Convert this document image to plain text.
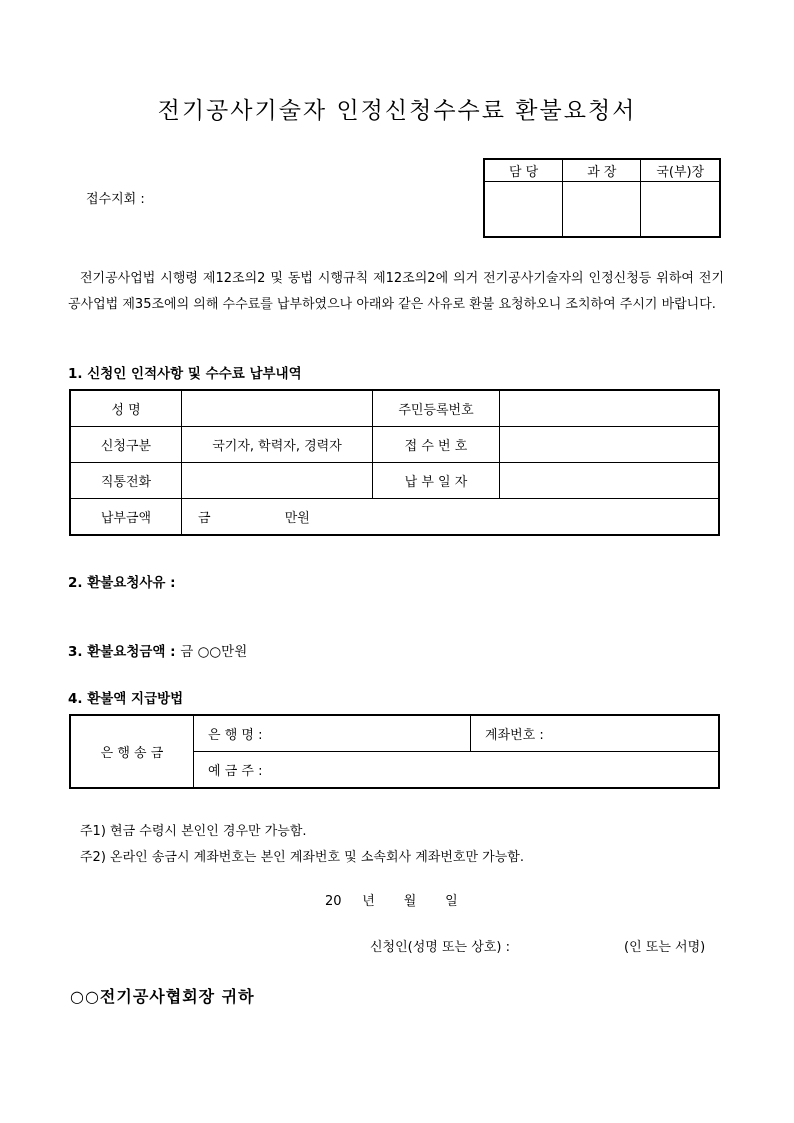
전기공사기술자 인정신청수수료 환불요청서
접수지회 :
담 당	과 장	국(부)장

전기공사업법 시행령 제12조의2 및 동법 시행규칙 제12조의2에 의거 전기공사기술자의 인정신청등 위하여 전기공사업법 제35조에의 의해 수수료를 납부하였으나 아래와 같은 사유로 환불 요청하오니 조치하여 주시기 바랍니다.
1. 신청인 인적사항 및 수수료 납부내역
성 명		주민등록번호	
신청구분	국기자, 학력자, 경력자	접 수 번 호	
직통전화		납 부 일 자	
납부금액	금 만원		
2. 환불요청사유 :
3. 환불요청금액 : 금 ○○만원
4. 환불액 지급방법
은 행 송 금	은 행 명 :	계좌번호 :
예 금 주 :
주1) 현금 수령시 본인인 경우만 가능함.
주2) 온라인 송금시 계좌번호는 본인 계좌번호 및 소속회사 계좌번호만 가능함.
20     년       월       일
신청인(성명 또는 상호) :	(인 또는 서명)
○○전기공사협회장 귀하
